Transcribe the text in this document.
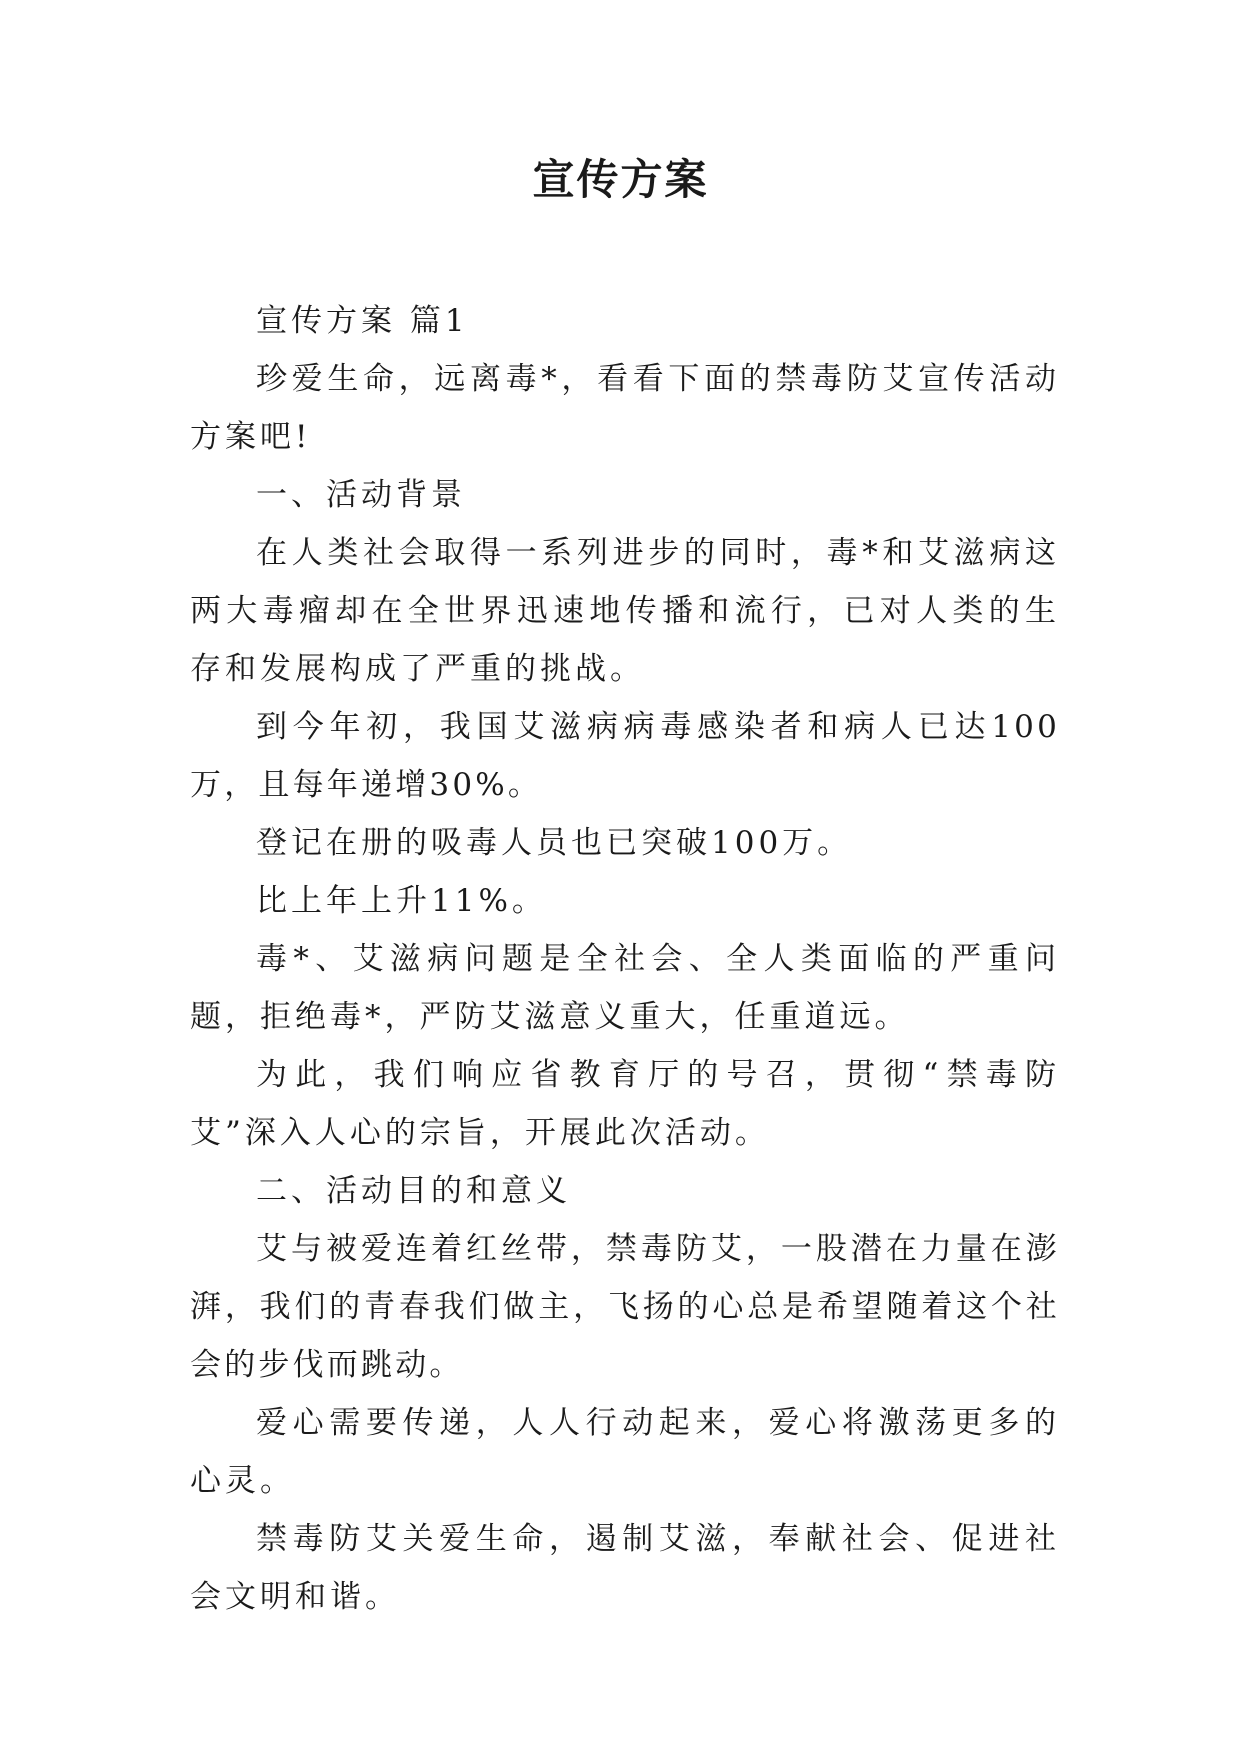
宣传方案

宣传方案 篇1

珍爱生命，远离毒*，看看下面的禁毒防艾宣传活动方案吧!

一、活动背景

在人类社会取得一系列进步的同时，毒*和艾滋病这两大毒瘤却在全世界迅速地传播和流行，已对人类的生存和发展构成了严重的挑战。

到今年初，我国艾滋病病毒感染者和病人已达100万，且每年递增30%。

登记在册的吸毒人员也已突破100万。

比上年上升11%。

毒*、艾滋病问题是全社会、全人类面临的严重问题，拒绝毒*，严防艾滋意义重大，任重道远。

为此，我们响应省教育厅的号召，贯彻“禁毒防艾”深入人心的宗旨，开展此次活动。

二、活动目的和意义

艾与被爱连着红丝带，禁毒防艾，一股潜在力量在澎湃，我们的青春我们做主，飞扬的心总是希望随着这个社会的步伐而跳动。

爱心需要传递，人人行动起来，爱心将激荡更多的心灵。

禁毒防艾关爱生命，遏制艾滋，奉献社会、促进社会文明和谐。
